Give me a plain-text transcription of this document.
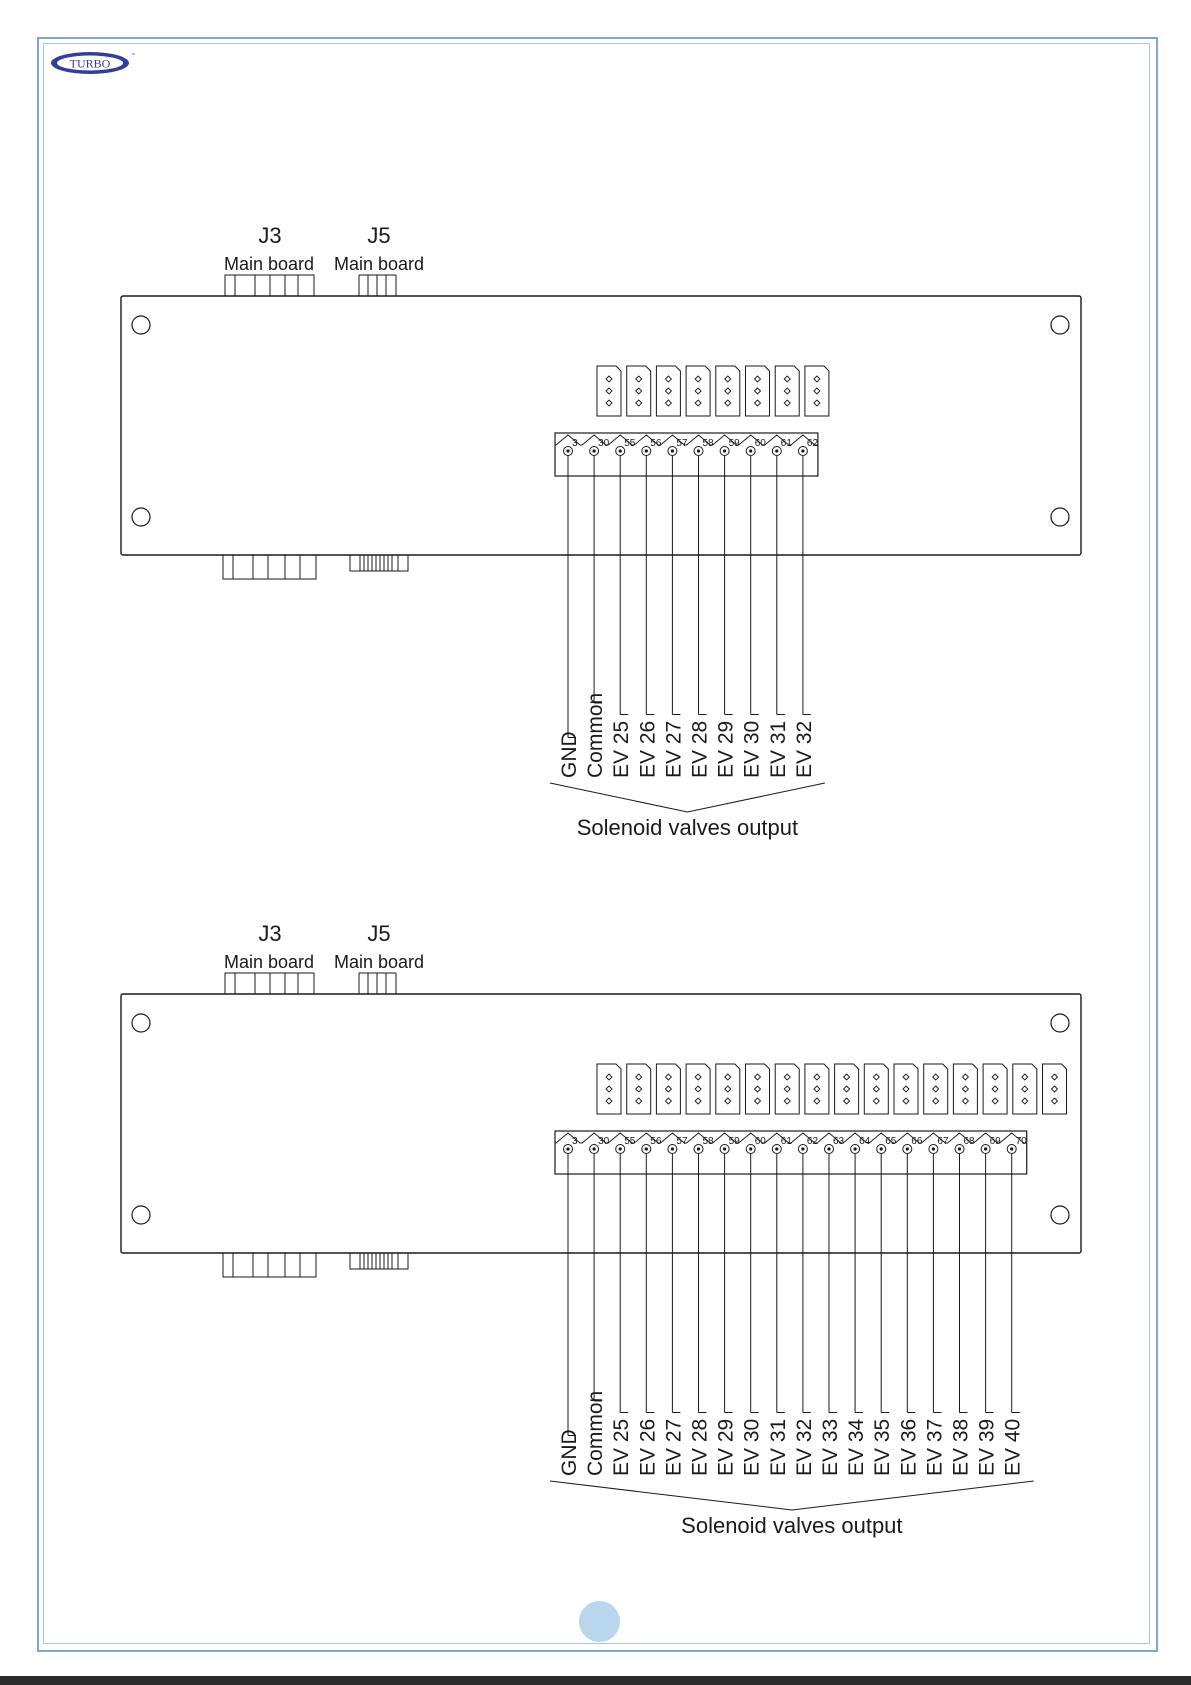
TURBO
™
J3
Main board
J5
Main board
3 30 55 56 57 58 59 60 61 62
GND Common EV 25 EV 26 EV 27 EV 28 EV 29 EV 30 EV 31 EV 32
Solenoid valves output
J3
Main board
J5
Main board
3 30 55 56 57 58 59 60 61 62 63 64 65 66 67 68 69 70
GND Common EV 25 EV 26 EV 27 EV 28 EV 29 EV 30 EV 31 EV 32 EV 33 EV 34 EV 35 EV 36 EV 37 EV 38 EV 39 EV 40
Solenoid valves output
